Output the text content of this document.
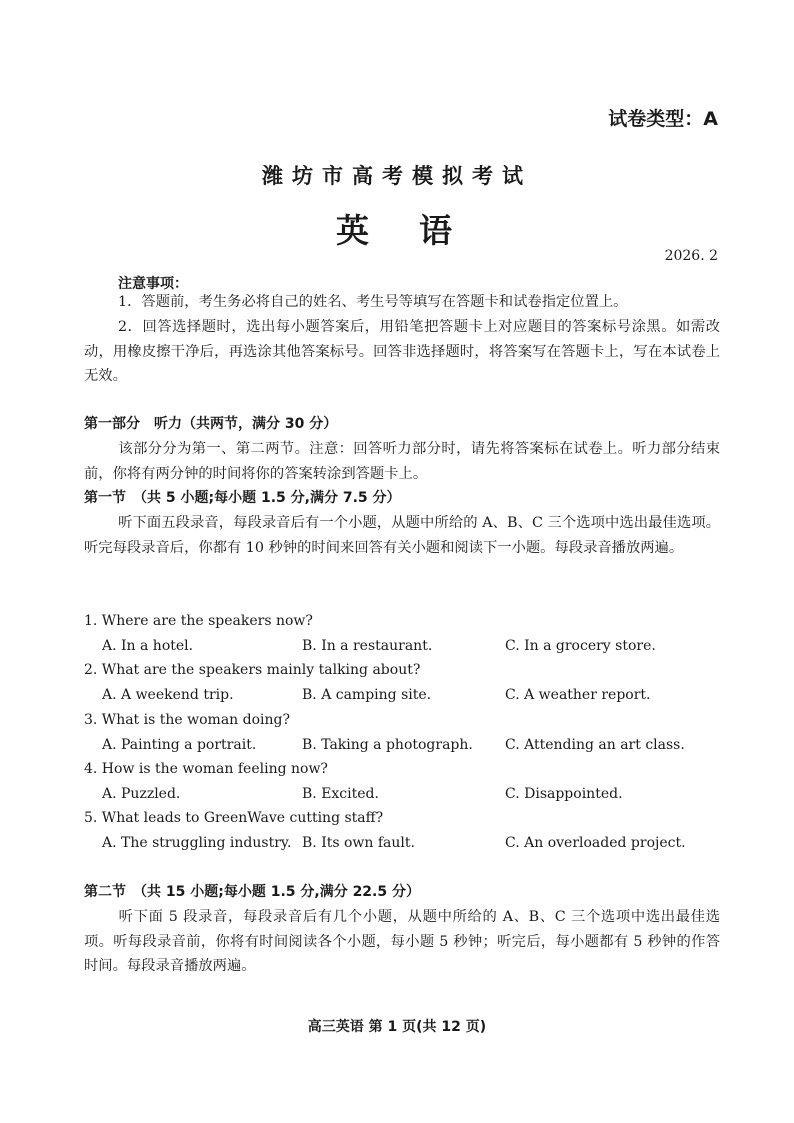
试卷类型：A
潍坊市高考模拟考试
英 语
2026. 2
注意事项：
1．答题前，考生务必将自己的姓名、考生号等填写在答题卡和试卷指定位置上。
2．回答选择题时，选出每小题答案后，用铅笔把答题卡上对应题目的答案标号涂黑。如需改动，用橡皮擦干净后，再选涂其他答案标号。回答非选择题时，将答案写在答题卡上，写在本试卷上无效。
第一部分　听力（共两节，满分 30 分）
该部分分为第一、第二两节。注意：回答听力部分时，请先将答案标在试卷上。听力部分结束前，你将有两分钟的时间将你的答案转涂到答题卡上。
第一节　（共 5 小题;每小题 1.5 分,满分 7.5 分）
听下面五段录音，每段录音后有一个小题，从题中所给的 A、B、C 三个选项中选出最佳选项。听完每段录音后，你都有 10 秒钟的时间来回答有关小题和阅读下一小题。每段录音播放两遍。
1. Where are the speakers now?
A. In a hotel.	B. In a restaurant.	C. In a grocery store.
2. What are the speakers mainly talking about?
A. A weekend trip.	B. A camping site.	C. A weather report.
3. What is the woman doing?
A. Painting a portrait.	B. Taking a photograph. C. Attending an art class.
4. How is the woman feeling now?
A. Puzzled.	B. Excited.	C. Disappointed.
5. What leads to GreenWave cutting staff?
A. The struggling industry. B. Its own fault.	C. An overloaded project.
第二节　（共 15 小题;每小题 1.5 分,满分 22.5 分）
听下面 5 段录音，每段录音后有几个小题，从题中所给的 A、B、C 三个选项中选出最佳选项。听每段录音前，你将有时间阅读各个小题，每小题 5 秒钟；听完后，每小题都有 5 秒钟的作答时间。每段录音播放两遍。
高三英语 第 1 页(共 12 页)
